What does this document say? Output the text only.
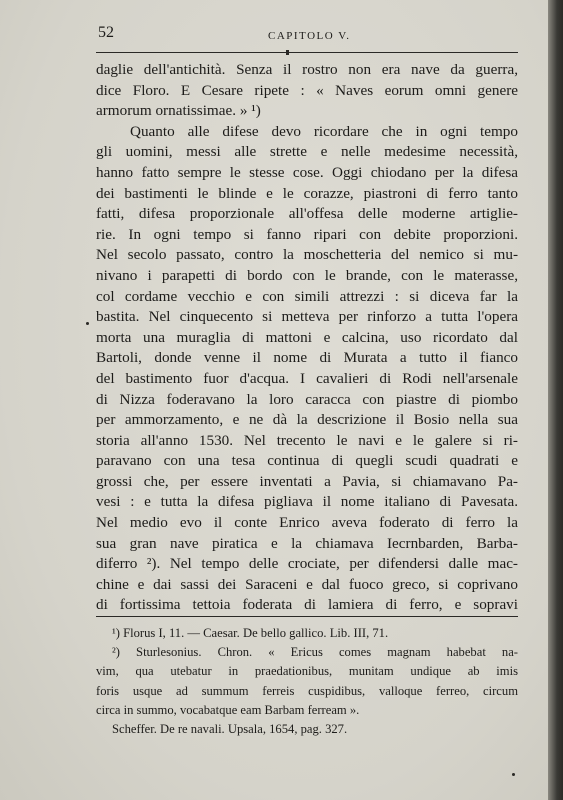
52	CAPITOLO V.
daglie dell'antichità. Senza il rostro non era nave da guerra,
dice Floro. E Cesare ripete : « Naves eorum omni genere
armorum ornatissimae. » ¹)
Quanto alle difese devo ricordare che in ogni tempo
gli uomini, messi alle strette e nelle medesime necessità,
hanno fatto sempre le stesse cose. Oggi chiodano per la difesa
dei bastimenti le blinde e le corazze, piastroni di ferro tanto
fatti, difesa proporzionale all'offesa delle moderne artiglie-
rie. In ogni tempo si fanno ripari con debite proporzioni.
Nel secolo passato, contro la moschetteria del nemico si mu-
nivano i parapetti di bordo con le brande, con le materasse,
col cordame vecchio e con simili attrezzi : si diceva far la
bastita. Nel cinquecento si metteva per rinforzo a tutta l'opera
morta una muraglia di mattoni e calcina, uso ricordato dal
Bartoli, donde venne il nome di Murata a tutto il fianco
del bastimento fuor d'acqua. I cavalieri di Rodi nell'arsenale
di Nizza foderavano la loro caracca con piastre di piombo
per ammorzamento, e ne dà la descrizione il Bosio nella sua
storia all'anno 1530. Nel trecento le navi e le galere si ri-
paravano con una tesa continua di quegli scudi quadrati e
grossi che, per essere inventati a Pavia, si chiamavano Pa-
vesi : e tutta la difesa pigliava il nome italiano di Pavesata.
Nel medio evo il conte Enrico aveva foderato di ferro la
sua gran nave piratica e la chiamava Iecrnbarden, Barba-
diferro ²). Nel tempo delle crociate, per difendersi dalle mac-
chine e dai sassi dei Saraceni e dal fuoco greco, si coprivano
di fortissima tettoia foderata di lamiera di ferro, e sopravi
¹) Florus I, 11. — Caesar. De bello gallico. Lib. III, 71.
²) Sturlesonius. Chron. « Ericus comes magnam habebat na-
vim, qua utebatur in praedationibus, munitam undique ab imis
foris usque ad summum ferreis cuspidibus, valloque ferreo, circum
circa in summo, vocabatque eam Barbam ferream ».
Scheffer. De re navali. Upsala, 1654, pag. 327.
